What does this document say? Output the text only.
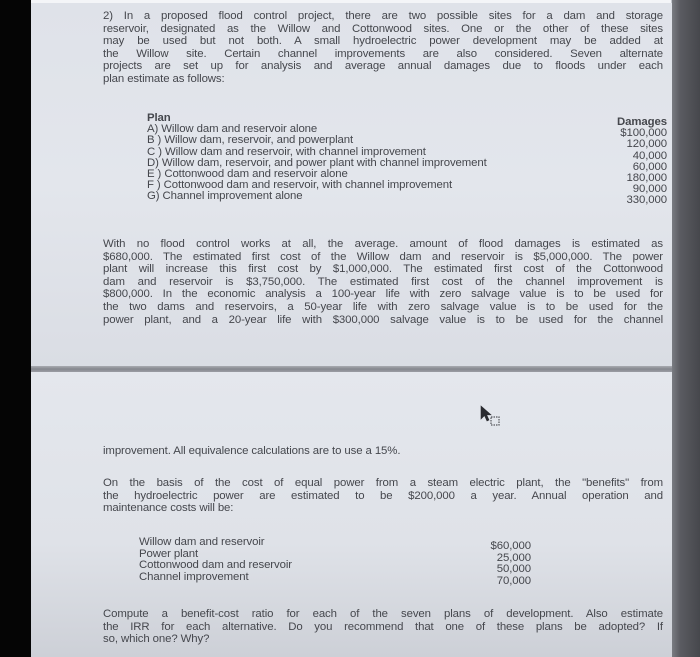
2) In a proposed flood control project, there are two possible sites for a dam and storage
reservoir, designated as the Willow and Cottonwood sites. One or the other of these sites
may be used but not both. A small hydroelectric power development may be added at
the Willow site. Certain channel improvements are also considered. Seven alternate
projects are set up for analysis and average annual damages due to floods under each
plan estimate as follows:
Plan	Damages
A) Willow dam and reservoir alone	$100,000
B ) Willow dam, reservoir, and powerplant	120,000
C ) Willow dam and reservoir, with channel improvement	40,000
D) Willow dam, reservoir, and power plant with channel improvement	60,000
E ) Cottonwood dam and reservoir alone	180,000
F ) Cottonwood dam and reservoir, with channel improvement	90,000
G) Channel improvement alone	330,000
With no flood control works at all, the average. amount of flood damages is estimated as
$680,000. The estimated first cost of the Willow dam and reservoir is $5,000,000. The power
plant will increase this first cost by $1,000,000. The estimated first cost of the Cottonwood
dam and reservoir is $3,750,000. The estimated first cost of the channel improvement is
$800,000. In the economic analysis a 100-year life with zero salvage value is to be used for
the two dams and reservoirs, a 50-year life with zero salvage value is to be used for the
power plant, and a 20-year life with $300,000 salvage value is to be used for the channel
improvement. All equivalence calculations are to use a 15%.
On the basis of the cost of equal power from a steam electric plant, the "benefits" from
the hydroelectric power are estimated to be $200,000 a year. Annual operation and
maintenance costs will be:
Willow dam and reservoir	$60,000
Power plant	25,000
Cottonwood dam and reservoir	50,000
Channel improvement	70,000
Compute a benefit-cost ratio for each of the seven plans of development. Also estimate
the IRR for each alternative. Do you recommend that one of these plans be adopted? If
so, which one? Why?
